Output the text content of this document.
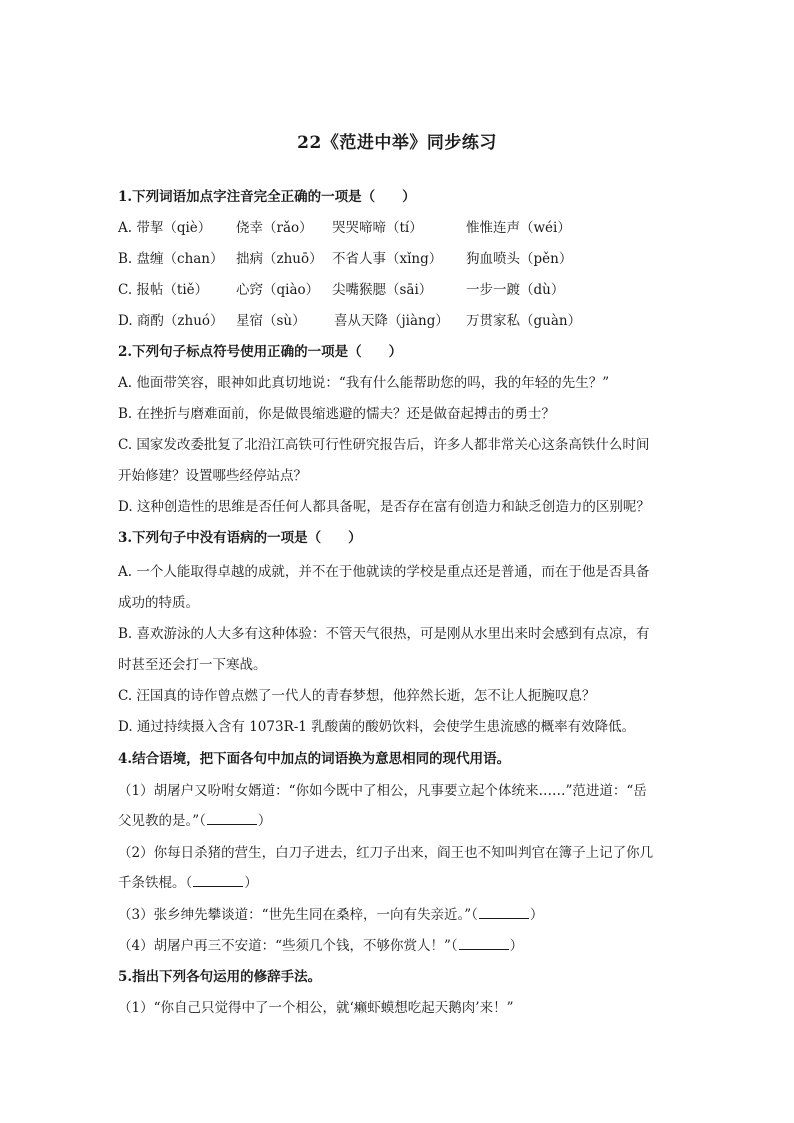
22《范进中举》同步练习
1.下列词语加点字注音完全正确的一项是（　　）
A. 带挈（qiè）	侥幸（rǎo）	哭哭啼啼（tí）	惟惟连声（wéi）
B. 盘缠（chan） 拙病（zhuō） 不省人事（xǐng）	狗血喷头（pěn）
C. 报帖（tiě）	心窍（qiào） 尖嘴猴腮（sāi）	一步一踱（dù）
D. 商酌（zhuó） 星宿（sù）	喜从天降（jiàng）	万贯家私（guàn）
2.下列句子标点符号使用正确的一项是（　　）
A. 他面带笑容，眼神如此真切地说：“我有什么能帮助您的吗，我的年轻的先生？”
B. 在挫折与磨难面前，你是做畏缩逃避的懦夫？还是做奋起搏击的勇士？
C. 国家发改委批复了北沿江高铁可行性研究报告后，许多人都非常关心这条高铁什么时间
开始修建？设置哪些经停站点？
D. 这种创造性的思维是否任何人都具备呢，是否存在富有创造力和缺乏创造力的区别呢？
3.下列句子中没有语病的一项是（　　）
A. 一个人能取得卓越的成就，并不在于他就读的学校是重点还是普通，而在于他是否具备
成功的特质。
B. 喜欢游泳的人大多有这种体验：不管天气很热，可是刚从水里出来时会感到有点凉，有
时甚至还会打一下寒战。
C. 汪国真的诗作曾点燃了一代人的青春梦想，他猝然长逝，怎不让人扼腕叹息？
D. 通过持续摄入含有 1073R-1 乳酸菌的酸奶饮料，会使学生患流感的概率有效降低。
4.结合语境，把下面各句中加点的词语换为意思相同的现代用语。
（1）胡屠户又吩咐女婿道：“你如今既中了相公，凡事要立起个体统来……”范进道：“岳
父见教的是。”（	）
（2）你每日杀猪的营生，白刀子进去，红刀子出来，阎王也不知叫判官在簿子上记了你几
千条铁棍。（	）
（3）张乡绅先攀谈道：“世先生同在桑梓，一向有失亲近。”（	）
（4）胡屠户再三不安道：“些须几个钱，不够你赏人！”（	）
5.指出下列各句运用的修辞手法。
（1）“你自己只觉得中了一个相公，就‘癞虾蟆想吃起天鹅肉’来！”
